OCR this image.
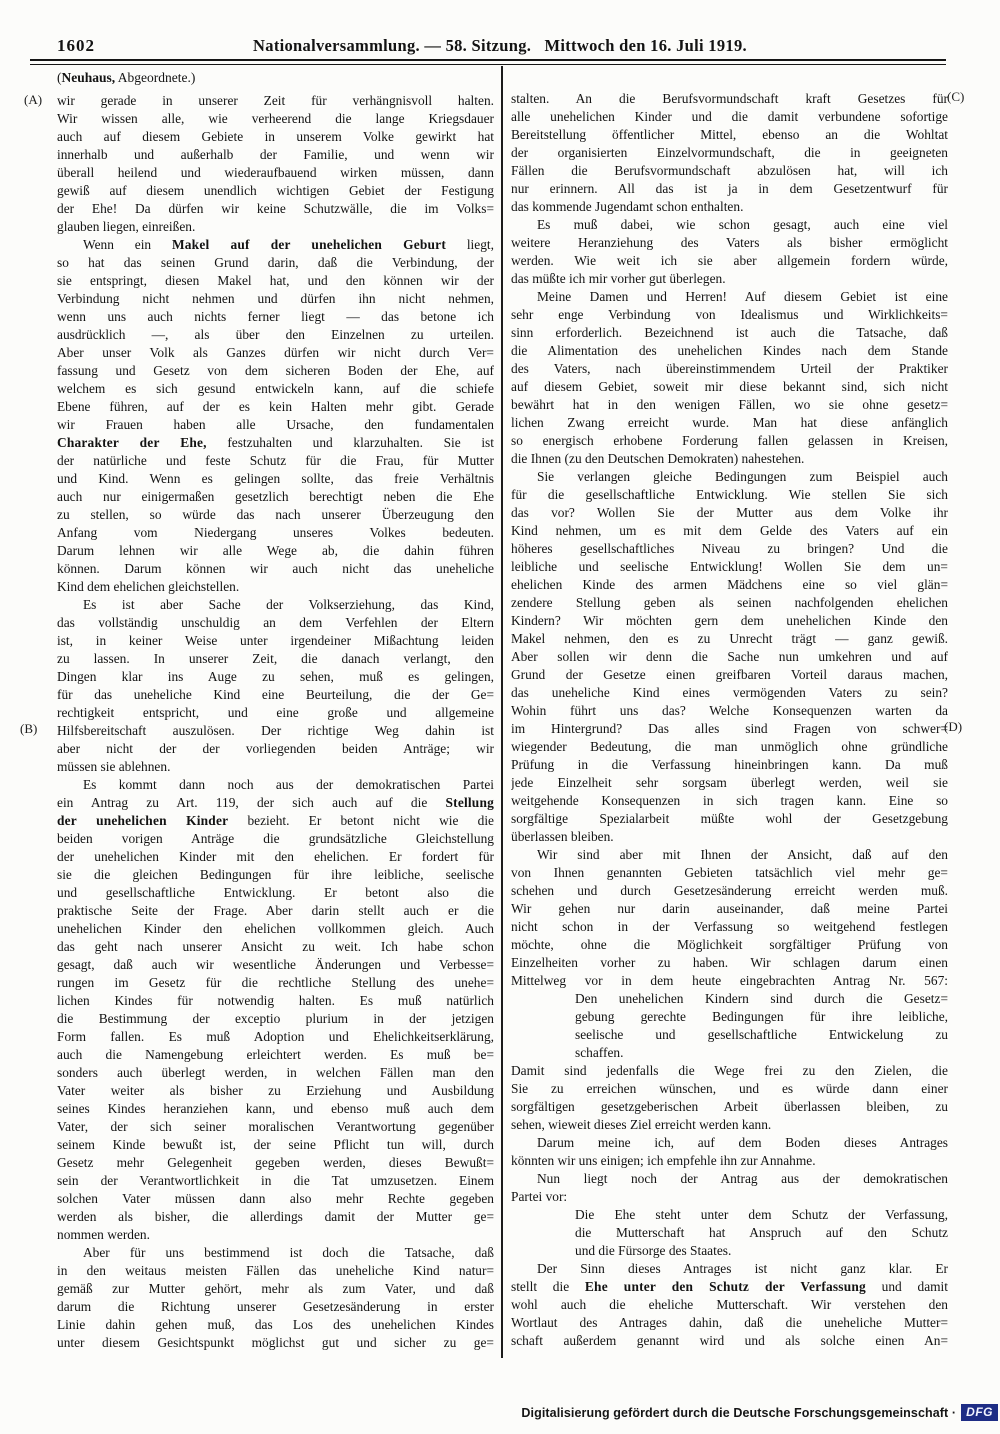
1602	Nationalversammlung. — 58. Sitzung.   Mittwoch den 16. Juli 1919.
(Neuhaus, Abgeordnete.)
(A)
(B)
(C)
(D)
wir gerade in unserer Zeit für verhängnisvoll halten.
Wir wissen alle, wie verheerend die lange Kriegsdauer
auch auf diesem Gebiete in unserem Volke gewirkt hat
innerhalb und außerhalb der Familie, und wenn wir
überall heilend und wiederaufbauend wirken müssen, dann
gewiß auf diesem unendlich wichtigen Gebiet der Festigung
der Ehe! Da dürfen wir keine Schutzwälle, die im Volks=
glauben liegen, einreißen.
Wenn ein Makel auf der unehelichen Geburt liegt,
so hat das seinen Grund darin, daß die Verbindung, der
sie entspringt, diesen Makel hat, und den können wir der
Verbindung nicht nehmen und dürfen ihn nicht nehmen,
wenn uns auch nichts ferner liegt — das betone ich
ausdrücklich —, als über den Einzelnen zu urteilen.
Aber unser Volk als Ganzes dürfen wir nicht durch Ver=
fassung und Gesetz von dem sicheren Boden der Ehe, auf
welchem es sich gesund entwickeln kann, auf die schiefe
Ebene führen, auf der es kein Halten mehr gibt. Gerade
wir Frauen haben alle Ursache, den fundamentalen
Charakter der Ehe, festzuhalten und klarzuhalten. Sie ist
der natürliche und feste Schutz für die Frau, für Mutter
und Kind. Wenn es gelingen sollte, das freie Verhältnis
auch nur einigermaßen gesetzlich berechtigt neben die Ehe
zu stellen, so würde das nach unserer Überzeugung den
Anfang vom Niedergang unseres Volkes bedeuten.
Darum lehnen wir alle Wege ab, die dahin führen
können. Darum können wir auch nicht das uneheliche
Kind dem ehelichen gleichstellen.
Es ist aber Sache der Volkserziehung, das Kind,
das vollständig unschuldig an dem Verfehlen der Eltern
ist, in keiner Weise unter irgendeiner Mißachtung leiden
zu lassen. In unserer Zeit, die danach verlangt, den
Dingen klar ins Auge zu sehen, muß es gelingen,
für das uneheliche Kind eine Beurteilung, die der Ge=
rechtigkeit entspricht, und eine große und allgemeine
Hilfsbereitschaft auszulösen. Der richtige Weg dahin ist
aber nicht der der vorliegenden beiden Anträge; wir
müssen sie ablehnen.
Es kommt dann noch aus der demokratischen Partei
ein Antrag zu Art. 119, der sich auch auf die Stellung
der unehelichen Kinder bezieht. Er betont nicht wie die
beiden vorigen Anträge die grundsätzliche Gleichstellung
der unehelichen Kinder mit den ehelichen. Er fordert für
sie die gleichen Bedingungen für ihre leibliche, seelische
und gesellschaftliche Entwicklung. Er betont also die
praktische Seite der Frage. Aber darin stellt auch er die
unehelichen Kinder den ehelichen vollkommen gleich. Auch
das geht nach unserer Ansicht zu weit. Ich habe schon
gesagt, daß auch wir wesentliche Änderungen und Verbesse=
rungen im Gesetz für die rechtliche Stellung des unehe=
lichen Kindes für notwendig halten. Es muß natürlich
die Bestimmung der exceptio plurium in der jetzigen
Form fallen. Es muß Adoption und Ehelichkeitserklärung,
auch die Namengebung erleichtert werden. Es muß be=
sonders auch überlegt werden, in welchen Fällen man den
Vater weiter als bisher zu Erziehung und Ausbildung
seines Kindes heranziehen kann, und ebenso muß auch dem
Vater, der sich seiner moralischen Verantwortung gegenüber
seinem Kinde bewußt ist, der seine Pflicht tun will, durch
Gesetz mehr Gelegenheit gegeben werden, dieses Bewußt=
sein der Verantwortlichkeit in die Tat umzusetzen. Einem
solchen Vater müssen dann also mehr Rechte gegeben
werden als bisher, die allerdings damit der Mutter ge=
nommen werden.
Aber für uns bestimmend ist doch die Tatsache, daß
in den weitaus meisten Fällen das uneheliche Kind natur=
gemäß zur Mutter gehört, mehr als zum Vater, und daß
darum die Richtung unserer Gesetzesänderung in erster
Linie dahin gehen muß, das Los des unehelichen Kindes
unter diesem Gesichtspunkt möglichst gut und sicher zu ge=
stalten. An die Berufsvormundschaft kraft Gesetzes für
alle unehelichen Kinder und die damit verbundene sofortige
Bereitstellung öffentlicher Mittel, ebenso an die Wohltat
der organisierten Einzelvormundschaft, die in geeigneten
Fällen die Berufsvormundschaft abzulösen hat, will ich
nur erinnern. All das ist ja in dem Gesetzentwurf für
das kommende Jugendamt schon enthalten.
Es muß dabei, wie schon gesagt, auch eine viel
weitere Heranziehung des Vaters als bisher ermöglicht
werden. Wie weit ich sie aber allgemein fordern würde,
das müßte ich mir vorher gut überlegen.
Meine Damen und Herren! Auf diesem Gebiet ist eine
sehr enge Verbindung von Idealismus und Wirklichkeits=
sinn erforderlich. Bezeichnend ist auch die Tatsache, daß
die Alimentation des unehelichen Kindes nach dem Stande
des Vaters, nach übereinstimmendem Urteil der Praktiker
auf diesem Gebiet, soweit mir diese bekannt sind, sich nicht
bewährt hat in den wenigen Fällen, wo sie ohne gesetz=
lichen Zwang erreicht wurde. Man hat diese anfänglich
so energisch erhobene Forderung fallen gelassen in Kreisen,
die Ihnen (zu den Deutschen Demokraten) nahestehen.
Sie verlangen gleiche Bedingungen zum Beispiel auch
für die gesellschaftliche Entwicklung. Wie stellen Sie sich
das vor? Wollen Sie der Mutter aus dem Volke ihr
Kind nehmen, um es mit dem Gelde des Vaters auf ein
höheres gesellschaftliches Niveau zu bringen? Und die
leibliche und seelische Entwicklung! Wollen Sie dem un=
ehelichen Kinde des armen Mädchens eine so viel glän=
zendere Stellung geben als seinen nachfolgenden ehelichen
Kindern? Wir möchten gern dem unehelichen Kinde den
Makel nehmen, den es zu Unrecht trägt — ganz gewiß.
Aber sollen wir denn die Sache nun umkehren und auf
Grund der Gesetze einen greifbaren Vorteil daraus machen,
das uneheliche Kind eines vermögenden Vaters zu sein?
Wohin führt uns das? Welche Konsequenzen warten da
im Hintergrund? Das alles sind Fragen von schwer=
wiegender Bedeutung, die man unmöglich ohne gründliche
Prüfung in die Verfassung hineinbringen kann. Da muß
jede Einzelheit sehr sorgsam überlegt werden, weil sie
weitgehende Konsequenzen in sich tragen kann. Eine so
sorgfältige Spezialarbeit müßte wohl der Gesetzgebung
überlassen bleiben.
Wir sind aber mit Ihnen der Ansicht, daß auf den
von Ihnen genannten Gebieten tatsächlich viel mehr ge=
schehen und durch Gesetzesänderung erreicht werden muß.
Wir gehen nur darin auseinander, daß meine Partei
nicht schon in der Verfassung so weitgehend festlegen
möchte, ohne die Möglichkeit sorgfältiger Prüfung von
Einzelheiten vorher zu haben. Wir schlagen darum einen
Mittelweg vor in dem heute eingebrachten Antrag Nr. 567:
Den unehelichen Kindern sind durch die Gesetz=
gebung gerechte Bedingungen für ihre leibliche,
seelische und gesellschaftliche Entwickelung zu
schaffen.
Damit sind jedenfalls die Wege frei zu den Zielen, die
Sie zu erreichen wünschen, und es würde dann einer
sorgfältigen gesetzgeberischen Arbeit überlassen bleiben, zu
sehen, wieweit dieses Ziel erreicht werden kann.
Darum meine ich, auf dem Boden dieses Antrages
könnten wir uns einigen; ich empfehle ihn zur Annahme.
Nun liegt noch der Antrag aus der demokratischen
Partei vor:
Die Ehe steht unter dem Schutz der Verfassung,
die Mutterschaft hat Anspruch auf den Schutz
und die Fürsorge des Staates.
Der Sinn dieses Antrages ist nicht ganz klar. Er
stellt die Ehe unter den Schutz der Verfassung und damit
wohl auch die eheliche Mutterschaft. Wir verstehen den
Wortlaut des Antrages dahin, daß die uneheliche Mutter=
schaft außerdem genannt wird und als solche einen An=
Digitalisierung gefördert durch die Deutsche Forschungsgemeinschaft · DFG
